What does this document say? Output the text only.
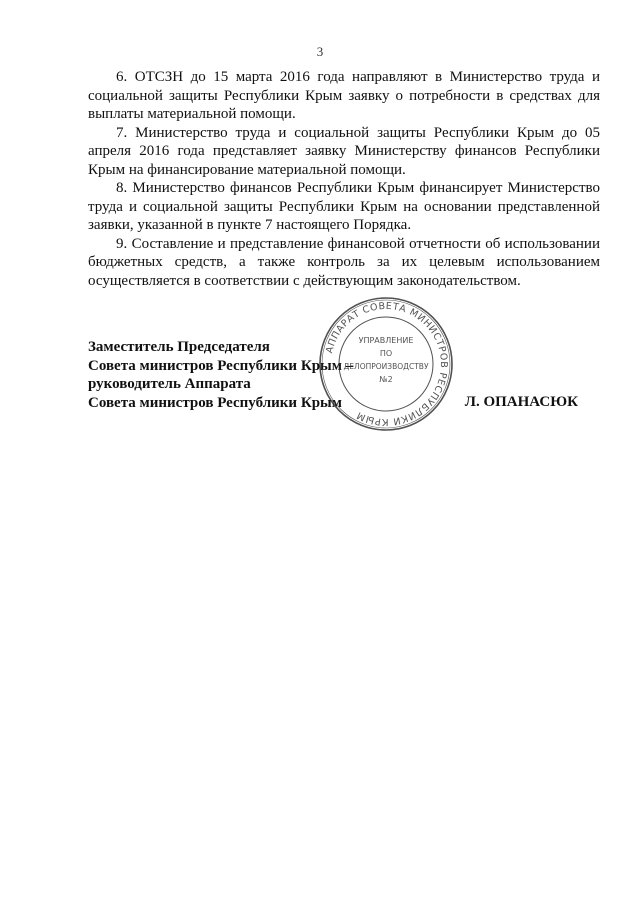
3

6. ОТСЗН до 15 марта 2016 года направляют в Министерство труда и социальной защиты Республики Крым заявку о потребности в средствах для выплаты материальной помощи.

7. Министерство труда и социальной защиты Республики Крым до 05 апреля 2016 года представляет заявку Министерству финансов Республики Крым на финансирование материальной помощи.

8. Министерство финансов Республики Крым финансирует Министерство труда и социальной защиты Республики Крым на основании представленной заявки, указанной в пункте 7 настоящего Порядка.

9. Составление и представление финансовой отчетности об использовании бюджетных средств, а также контроль за их целевым использованием осуществляется в соответствии с действующим законодательством.

Заместитель Председателя
Совета министров Республики Крым –
руководитель Аппарата
Совета министров Республики Крым	Л. ОПАНАСЮК
АППАРАТ СОВЕТА МИНИСТРОВ РЕСПУБЛИКИ КРЫМ
УПРАВЛЕНИЕ
ПО
ДЕЛОПРОИЗВОДСТВУ
№2
